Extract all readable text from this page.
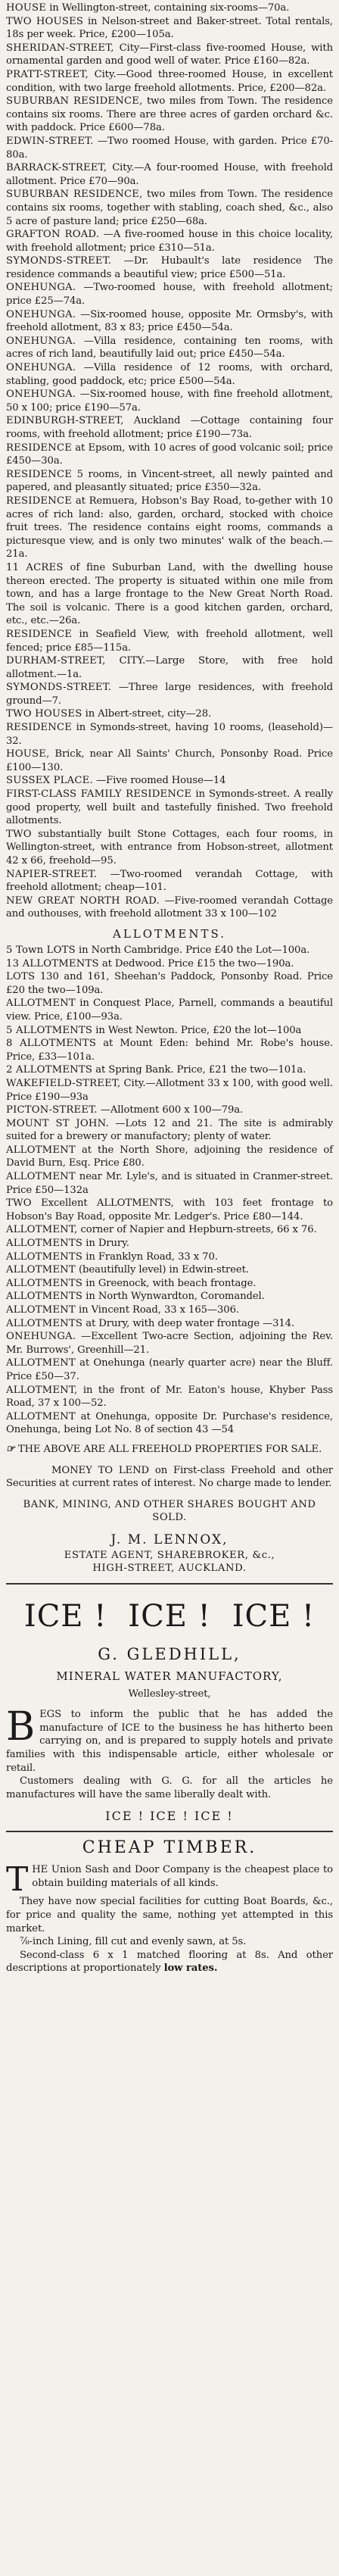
HOUSE in Wellington-street, containing six-rooms—70a.

TWO HOUSES in Nelson-street and Baker-street. Total rentals, 18s per week. Price, £200—105a.

SHERIDAN-STREET, City—First-class five-roomed House, with ornamental garden and good well of water. Price £160—82a.

PRATT-STREET, City.—Good three-roomed House, in excellent condition, with two large freehold allotments. Price, £200—82a.

SUBURBAN RESIDENCE, two miles from Town. The residence contains six rooms. There are three acres of garden orchard &c. with paddock. Price £600—78a.

EDWIN-STREET. —Two roomed House, with garden. Price £70- 80a.

BARRACK-STREET, City.—A four-roomed House, with freehold allotment. Price £70—90a.

SUBURBAN RESIDENCE, two miles from Town. The residence contains six rooms, together with stabling, coach shed, &c., also 5 acre of pasture land; price £250—68a.

GRAFTON ROAD. —A five-roomed house in this choice locality, with freehold allotment; price £310—51a.

SYMONDS-STREET. —Dr. Hubault's late residence The residence commands a beautiful view; price £500—51a.

ONEHUNGA. —Two-roomed house, with freehold allotment; price £25—74a.

ONEHUNGA. —Six-roomed house, opposite Mr. Ormsby's, with freehold allotment, 83 x 83; price £450—54a.

ONEHUNGA. —Villa residence, containing ten rooms, with acres of rich land, beautifully laid out; price £450—54a.

ONEHUNGA. —Villa residence of 12 rooms, with orchard, stabling, good paddock, etc; price £500—54a.

ONEHUNGA. —Six-roomed house, with fine freehold allotment, 50 x 100; price £190—57a.

EDINBURGH-STREET, Auckland —Cottage containing four rooms, with freehold allotment; price £190—73a.

RESIDENCE at Epsom, with 10 acres of good volcanic soil; price £450—30a.

RESIDENCE 5 rooms, in Vincent-street, all newly painted and papered, and pleasantly situated; price £350—32a.

RESIDENCE at Remuera, Hobson's Bay Road, to-gether with 10 acres of rich land: also, garden, orchard, stocked with choice fruit trees. The residence contains eight rooms, commands a picturesque view, and is only two minutes' walk of the beach.—21a.

11 ACRES of fine Suburban Land, with the dwelling house thereon erected. The property is situated within one mile from town, and has a large frontage to the New Great North Road. The soil is volcanic. There is a good kitchen garden, orchard, etc., etc.—26a.

RESIDENCE in Seafield View, with freehold allotment, well fenced; price £85—115a.

DURHAM-STREET, CITY.—Large Store, with free hold allotment.—1a.

SYMONDS-STREET. —Three large residences, with freehold ground—7.

TWO HOUSES in Albert-street, city—28.

RESIDENCE in Symonds-street, having 10 rooms, (leasehold)—32.

HOUSE, Brick, near All Saints' Church, Ponsonby Road. Price £100—130.

SUSSEX PLACE. —Five roomed House—14

FIRST-CLASS FAMILY RESIDENCE in Symonds-street. A really good property, well built and tastefully finished. Two freehold allotments.

TWO substantially built Stone Cottages, each four rooms, in Wellington-street, with entrance from Hobson-street, allotment 42 x 66, freehold—95.

NAPIER-STREET. —Two-roomed verandah Cottage, with freehold allotment; cheap—101.

NEW GREAT NORTH ROAD. —Five-roomed verandah Cottage and outhouses, with freehold allotment 33 x 100—102

ALLOTMENTS.

5 Town LOTS in North Cambridge. Price £40 the Lot—100a.

13 ALLOTMENTS at Dedwood. Price £15 the two—190a.

LOTS 130 and 161, Sheehan's Paddock, Ponsonby Road. Price £20 the two—109a.

ALLOTMENT in Conquest Place, Parnell, commands a beautiful view. Price, £100—93a.

5 ALLOTMENTS in West Newton. Price, £20 the lot—100a

8 ALLOTMENTS at Mount Eden: behind Mr. Robe's house. Price, £33—101a.

2 ALLOTMENTS at Spring Bank. Price, £21 the two—101a.

WAKEFIELD-STREET, City.—Allotment 33 x 100, with good well. Price £190—93a

PICTON-STREET. —Allotment 600 x 100—79a.

MOUNT ST JOHN. —Lots 12 and 21. The site is admirably suited for a brewery or manufactory; plenty of water.

ALLOTMENT at the North Shore, adjoining the residence of David Burn, Esq. Price £80.

ALLOTMENT near Mr. Lyle's, and is situated in Cranmer-street. Price £50—132a

TWO Excellent ALLOTMENTS, with 103 feet frontage to Hobson's Bay Road, opposite Mr. Ledger's. Price £80—144.

ALLOTMENT, corner of Napier and Hepburn-streets, 66 x 76.

ALLOTMENTS in Drury.

ALLOTMENTS in Franklyn Road, 33 x 70.

ALLOTMENT (beautifully level) in Edwin-street.

ALLOTMENTS in Greenock, with beach frontage.

ALLOTMENTS in North Wynwardton, Coromandel.

ALLOTMENT in Vincent Road, 33 x 165—306.

ALLOTMENTS at Drury, with deep water frontage —314.

ONEHUNGA. —Excellent Two-acre Section, adjoining the Rev. Mr. Burrows', Greenhill—21.

ALLOTMENT at Onehunga (nearly quarter acre) near the Bluff. Price £50—37.

ALLOTMENT, in the front of Mr. Eaton's house, Khyber Pass Road, 37 x 100—52.

ALLOTMENT at Onehunga, opposite Dr. Purchase's residence, Onehunga, being Lot No. 8 of section 43 —54

☞ THE ABOVE ARE ALL FREEHOLD PROPERTIES FOR SALE.
MONEY TO LEND on First-class Freehold and other Securities at current rates of interest. No charge made to lender.
BANK, MINING, AND OTHER SHARES BOUGHT AND SOLD.
J. M. LENNOX,
ESTATE AGENT, SHAREBROKER, &c.,
HIGH-STREET, AUCKLAND.
ICE ! ICE ! ICE !
G. GLEDHILL,
MINERAL WATER MANUFACTORY,
Wellesley-street,

BEGS to inform the public that he has added the manufacture of ICE to the business he has hitherto been carrying on, and is prepared to supply hotels and private families with this indispensable article, either wholesale or retail.

Customers dealing with G. G. for all the articles he manufactures will have the same liberally dealt with.

ICE ! ICE ! ICE !
CHEAP TIMBER.

THE Union Sash and Door Company is the cheapest place to obtain building materials of all kinds.

They have now special facilities for cutting Boat Boards, &c., for price and quality the same, nothing yet attempted in this market.

⅞-inch Lining, fill cut and evenly sawn, at 5s.

Second-class 6 x 1 matched flooring at 8s. And other descriptions at proportionately low rates.
